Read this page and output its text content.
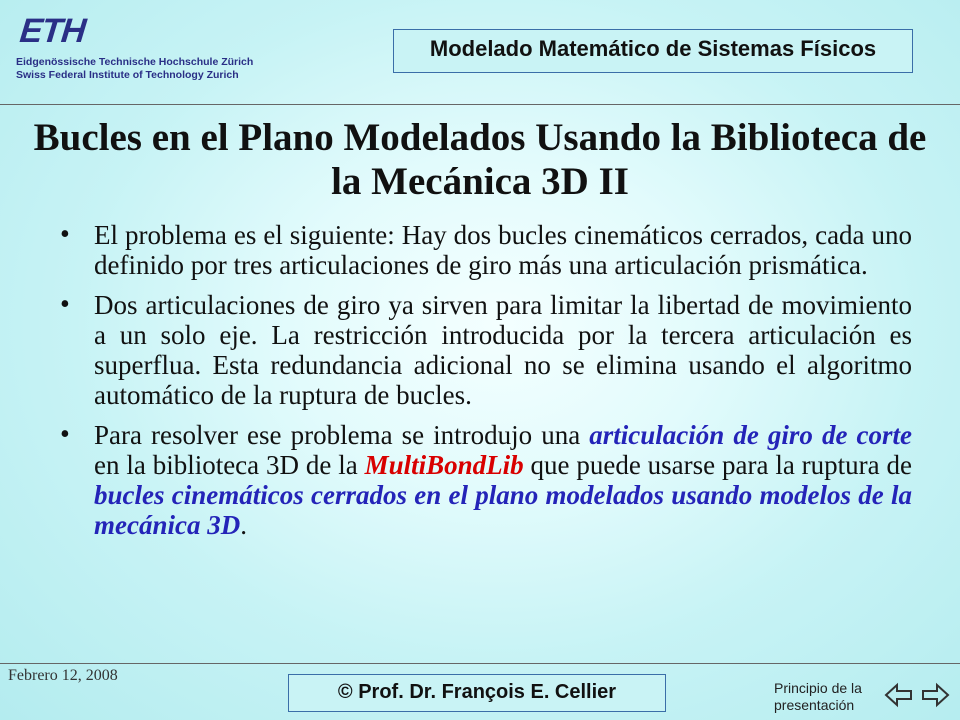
ETH
Eidgenössische Technische Hochschule Zürich
Swiss Federal Institute of Technology Zurich
Modelado Matemático de Sistemas Físicos
Bucles en el Plano Modelados Usando la Biblioteca de la Mecánica 3D II
• El problema es el siguiente: Hay dos bucles cinemáticos cerrados, cada uno definido por tres articulaciones de giro más una articulación prismática.
• Dos articulaciones de giro ya sirven para limitar la libertad de movimiento a un solo eje. La restricción introducida por la tercera articulación es superflua. Esta redundancia adicional no se elimina usando el algoritmo automático de la ruptura de bucles.
• Para resolver ese problema se introdujo una articulación de giro de corte en la biblioteca 3D de la MultiBondLib que puede usarse para la ruptura de bucles cinemáticos cerrados en el plano modelados usando modelos de la mecánica 3D.
Febrero 12, 2008
© Prof. Dr. François E. Cellier	Principio de la presentación
